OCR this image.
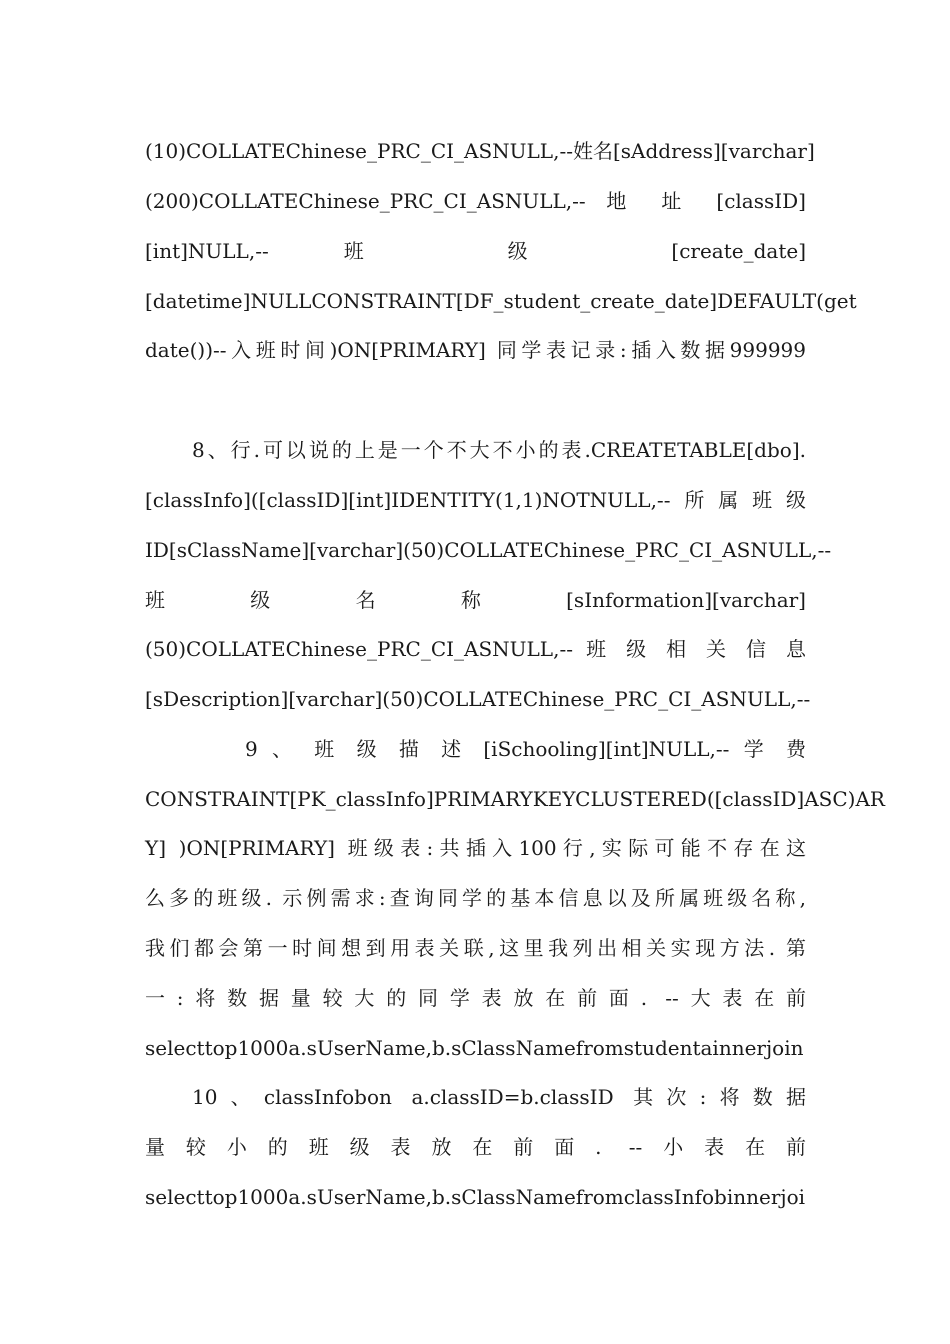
(10)COLLATEChinese_PRC_CI_ASNULL,--姓名[sAddress][varchar]
(200)COLLATEChinese_PRC_CI_ASNULL,-- 地 址 [classID]
[int]NULL,-- 班 级 [create_date]
[datetime]NULLCONSTRAINT[DF_student_create_date]DEFAULT(get
date())--入班时间)ON[PRIMARY] 同学表记录:插入数据999999
8、行.可以说的上是一个不大不小的表.CREATETABLE[dbo].
[classInfo]([classID][int]IDENTITY(1,1)NOTNULL,--所属班级
ID[sClassName][varchar](50)COLLATEChinese_PRC_CI_ASNULL,--
班 级 名 称 [sInformation][varchar]
(50)COLLATEChinese_PRC_CI_ASNULL,-- 班 级 相 关 信 息
[sDescription][varchar](50)COLLATEChinese_PRC_CI_ASNULL,--
9 、 班 级 描 述 [iSchooling][int]NULL,-- 学 费
CONSTRAINT[PK_classInfo]PRIMARYKEYCLUSTERED([classID]ASC)AR
Y] )ON[PRIMARY] 班级表:共插入100行,实际可能不存在这
么多的班级. 示例需求:查询同学的基本信息以及所属班级名称,
我们都会第一时间想到用表关联,这里我列出相关实现方法. 第
一:将数据量较大的同学表放在前面. --大表在前
selecttop1000a.sUserName,b.sClassNamefromstudentainnerjoin
10、classInfobon a.classID=b.classID 其次:将数据
量较小的班级表放在前面. --小表在前
selecttop1000a.sUserName,b.sClassNamefromclassInfobinnerjoi
